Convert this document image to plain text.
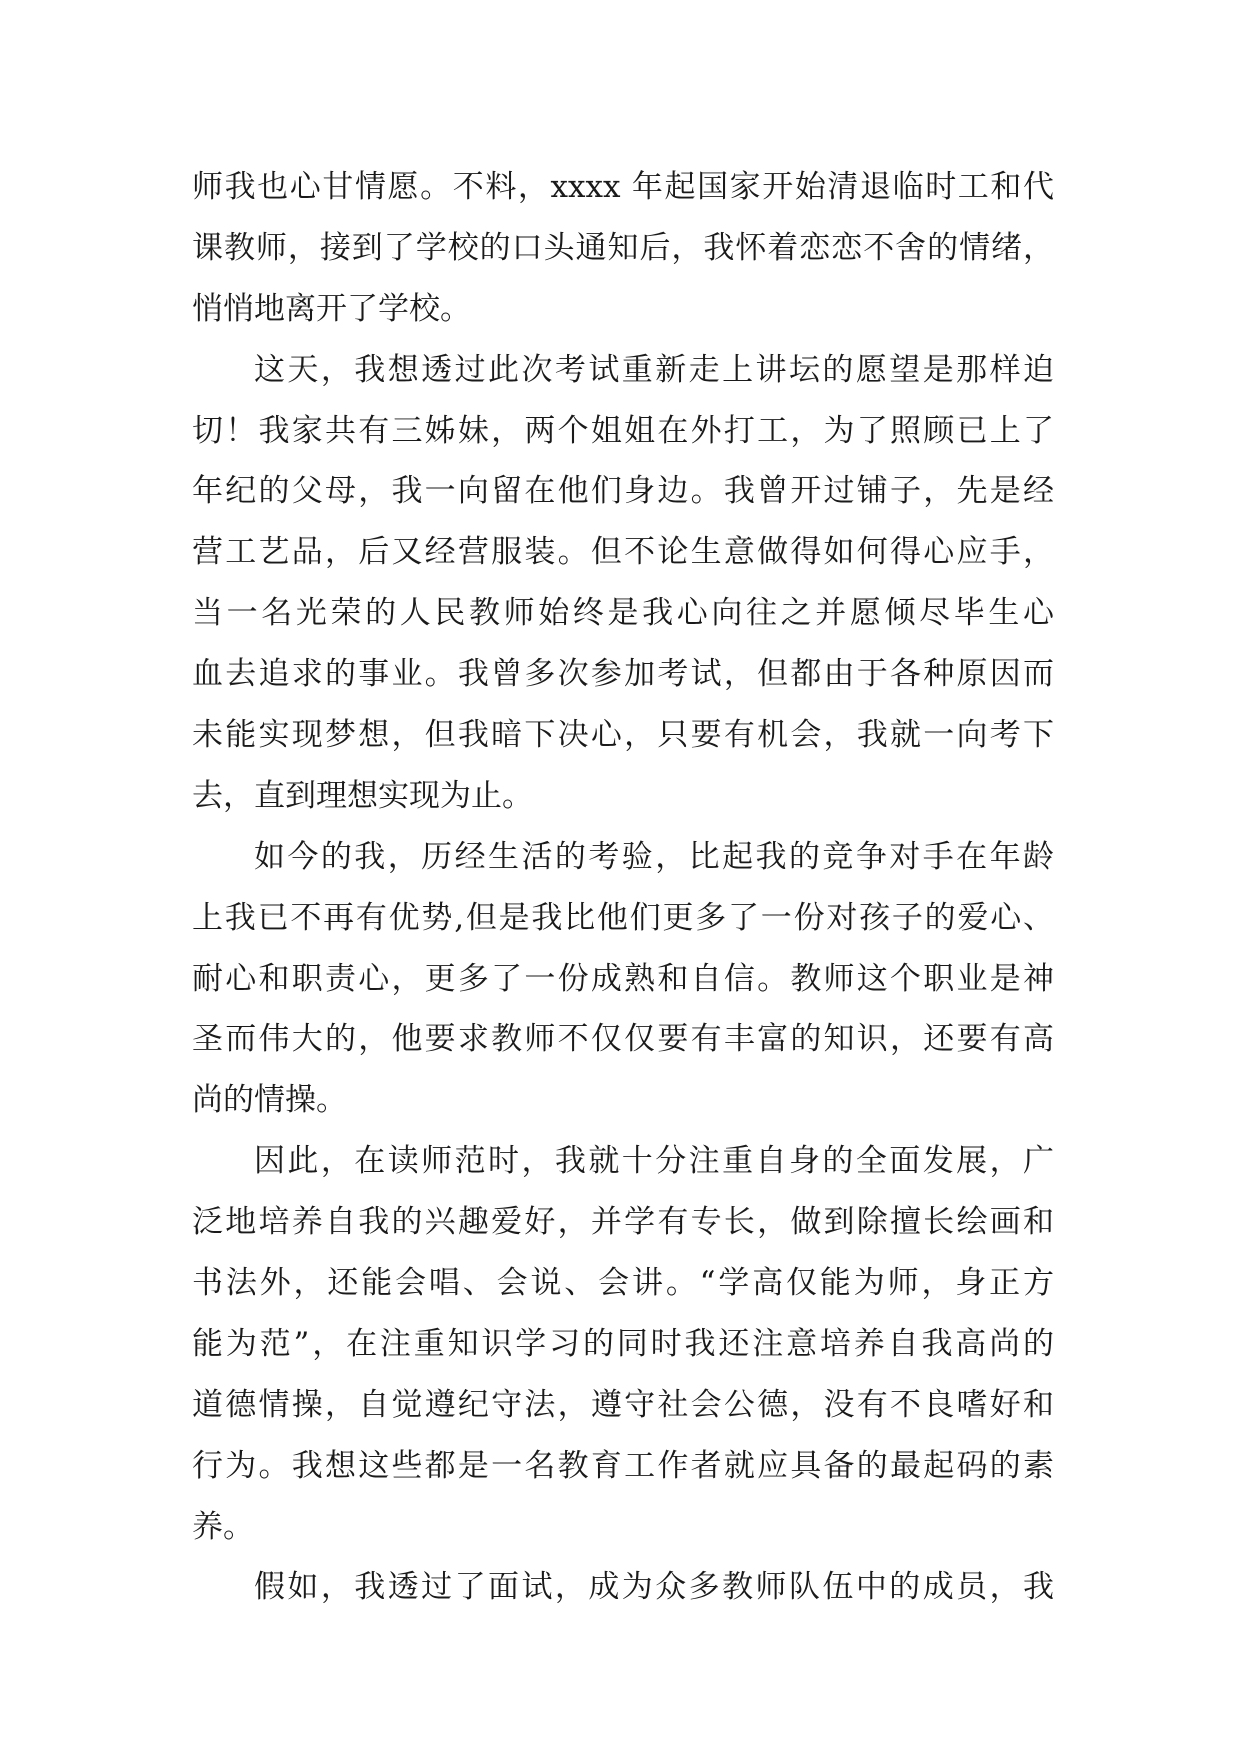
师我也心甘情愿。不料，xxxx 年起国家开始清退临时工和代
课教师，接到了学校的口头通知后，我怀着恋恋不舍的情绪，
悄悄地离开了学校。
这天，我想透过此次考试重新走上讲坛的愿望是那样迫
切！我家共有三姊妹，两个姐姐在外打工，为了照顾已上了
年纪的父母，我一向留在他们身边。我曾开过铺子，先是经
营工艺品，后又经营服装。但不论生意做得如何得心应手，
当一名光荣的人民教师始终是我心向往之并愿倾尽毕生心
血去追求的事业。我曾多次参加考试，但都由于各种原因而
未能实现梦想，但我暗下决心，只要有机会，我就一向考下
去，直到理想实现为止。
如今的我，历经生活的考验，比起我的竞争对手在年龄
上我已不再有优势,但是我比他们更多了一份对孩子的爱心、
耐心和职责心，更多了一份成熟和自信。教师这个职业是神
圣而伟大的，他要求教师不仅仅要有丰富的知识，还要有高
尚的情操。
因此，在读师范时，我就十分注重自身的全面发展，广
泛地培养自我的兴趣爱好，并学有专长，做到除擅长绘画和
书法外，还能会唱、会说、会讲。“学高仅能为师，身正方
能为范”，在注重知识学习的同时我还注意培养自我高尚的
道德情操，自觉遵纪守法，遵守社会公德，没有不良嗜好和
行为。我想这些都是一名教育工作者就应具备的最起码的素
养。
假如，我透过了面试，成为众多教师队伍中的成员，我
